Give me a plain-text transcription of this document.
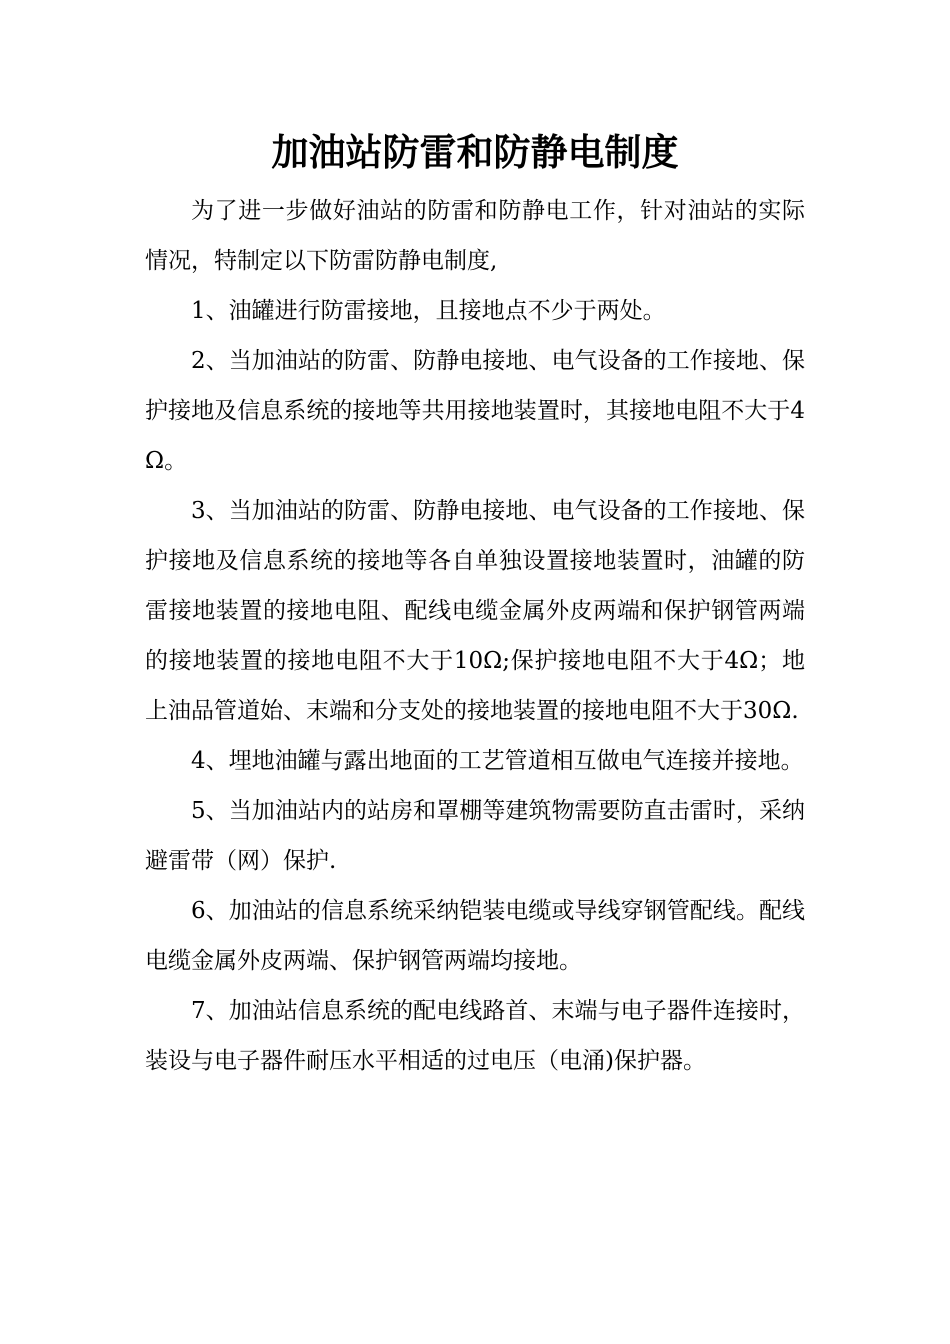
加油站防雷和防静电制度

为了进一步做好油站的防雷和防静电工作，针对油站的实际情况，特制定以下防雷防静电制度,

1、油罐进行防雷接地，且接地点不少于两处。

2、当加油站的防雷、防静电接地、电气设备的工作接地、保护接地及信息系统的接地等共用接地装置时，其接地电阻不大于4Ω。

3、当加油站的防雷、防静电接地、电气设备的工作接地、保护接地及信息系统的接地等各自单独设置接地装置时，油罐的防雷接地装置的接地电阻、配线电缆金属外皮两端和保护钢管两端的接地装置的接地电阻不大于10Ω;保护接地电阻不大于4Ω；地上油品管道始、末端和分支处的接地装置的接地电阻不大于30Ω.

4、埋地油罐与露出地面的工艺管道相互做电气连接并接地。

5、当加油站内的站房和罩棚等建筑物需要防直击雷时，采纳避雷带（网）保护.

6、加油站的信息系统采纳铠装电缆或导线穿钢管配线。配线电缆金属外皮两端、保护钢管两端均接地。

7、加油站信息系统的配电线路首、末端与电子器件连接时，装设与电子器件耐压水平相适的过电压（电涌)保护器。
